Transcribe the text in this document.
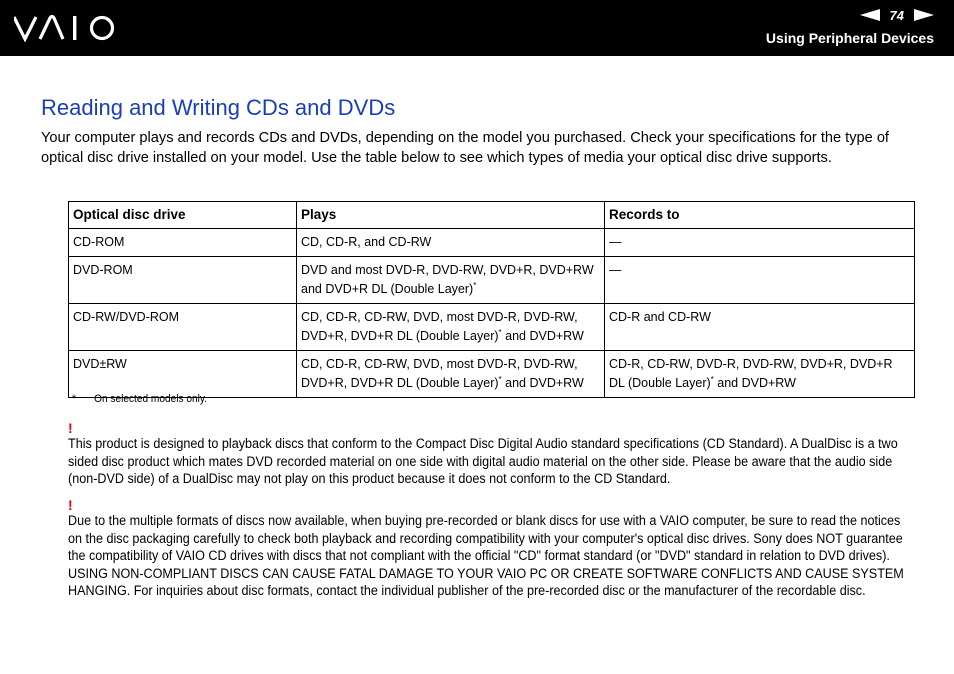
74
Using Peripheral Devices
Reading and Writing CDs and DVDs

Your computer plays and records CDs and DVDs, depending on the model you purchased. Check your specifications for the type of optical disc drive installed on your model. Use the table below to see which types of media your optical disc drive supports.

Optical disc drive	Plays	Records to
CD-ROM	CD, CD-R, and CD-RW	—
DVD-ROM	DVD and most DVD-R, DVD-RW, DVD+R, DVD+RW and DVD+R DL (Double Layer)*	—
CD-RW/DVD-ROM	CD, CD-R, CD-RW, DVD, most DVD-R, DVD-RW, DVD+R, DVD+R DL (Double Layer)* and DVD+RW	CD-R and CD-RW
DVD±RW	CD, CD-R, CD-RW, DVD, most DVD-R, DVD-RW, DVD+R, DVD+R DL (Double Layer)* and DVD+RW	CD-R, CD-RW, DVD-R, DVD-RW, DVD+R, DVD+R DL (Double Layer)* and DVD+RW
* On selected models only.
!

This product is designed to playback discs that conform to the Compact Disc Digital Audio standard specifications (CD Standard). A DualDisc is a two sided disc product which mates DVD recorded material on one side with digital audio material on the other side. Please be aware that the audio side (non-DVD side) of a DualDisc may not play on this product because it does not conform to the CD Standard.

!

Due to the multiple formats of discs now available, when buying pre-recorded or blank discs for use with a VAIO computer, be sure to read the notices on the disc packaging carefully to check both playback and recording compatibility with your computer's optical disc drives. Sony does NOT guarantee the compatibility of VAIO CD drives with discs that not compliant with the official "CD" format standard (or "DVD" standard in relation to DVD drives). USING NON-COMPLIANT DISCS CAN CAUSE FATAL DAMAGE TO YOUR VAIO PC OR CREATE SOFTWARE CONFLICTS AND CAUSE SYSTEM HANGING. For inquiries about disc formats, contact the individual publisher of the pre-recorded disc or the manufacturer of the recordable disc.
